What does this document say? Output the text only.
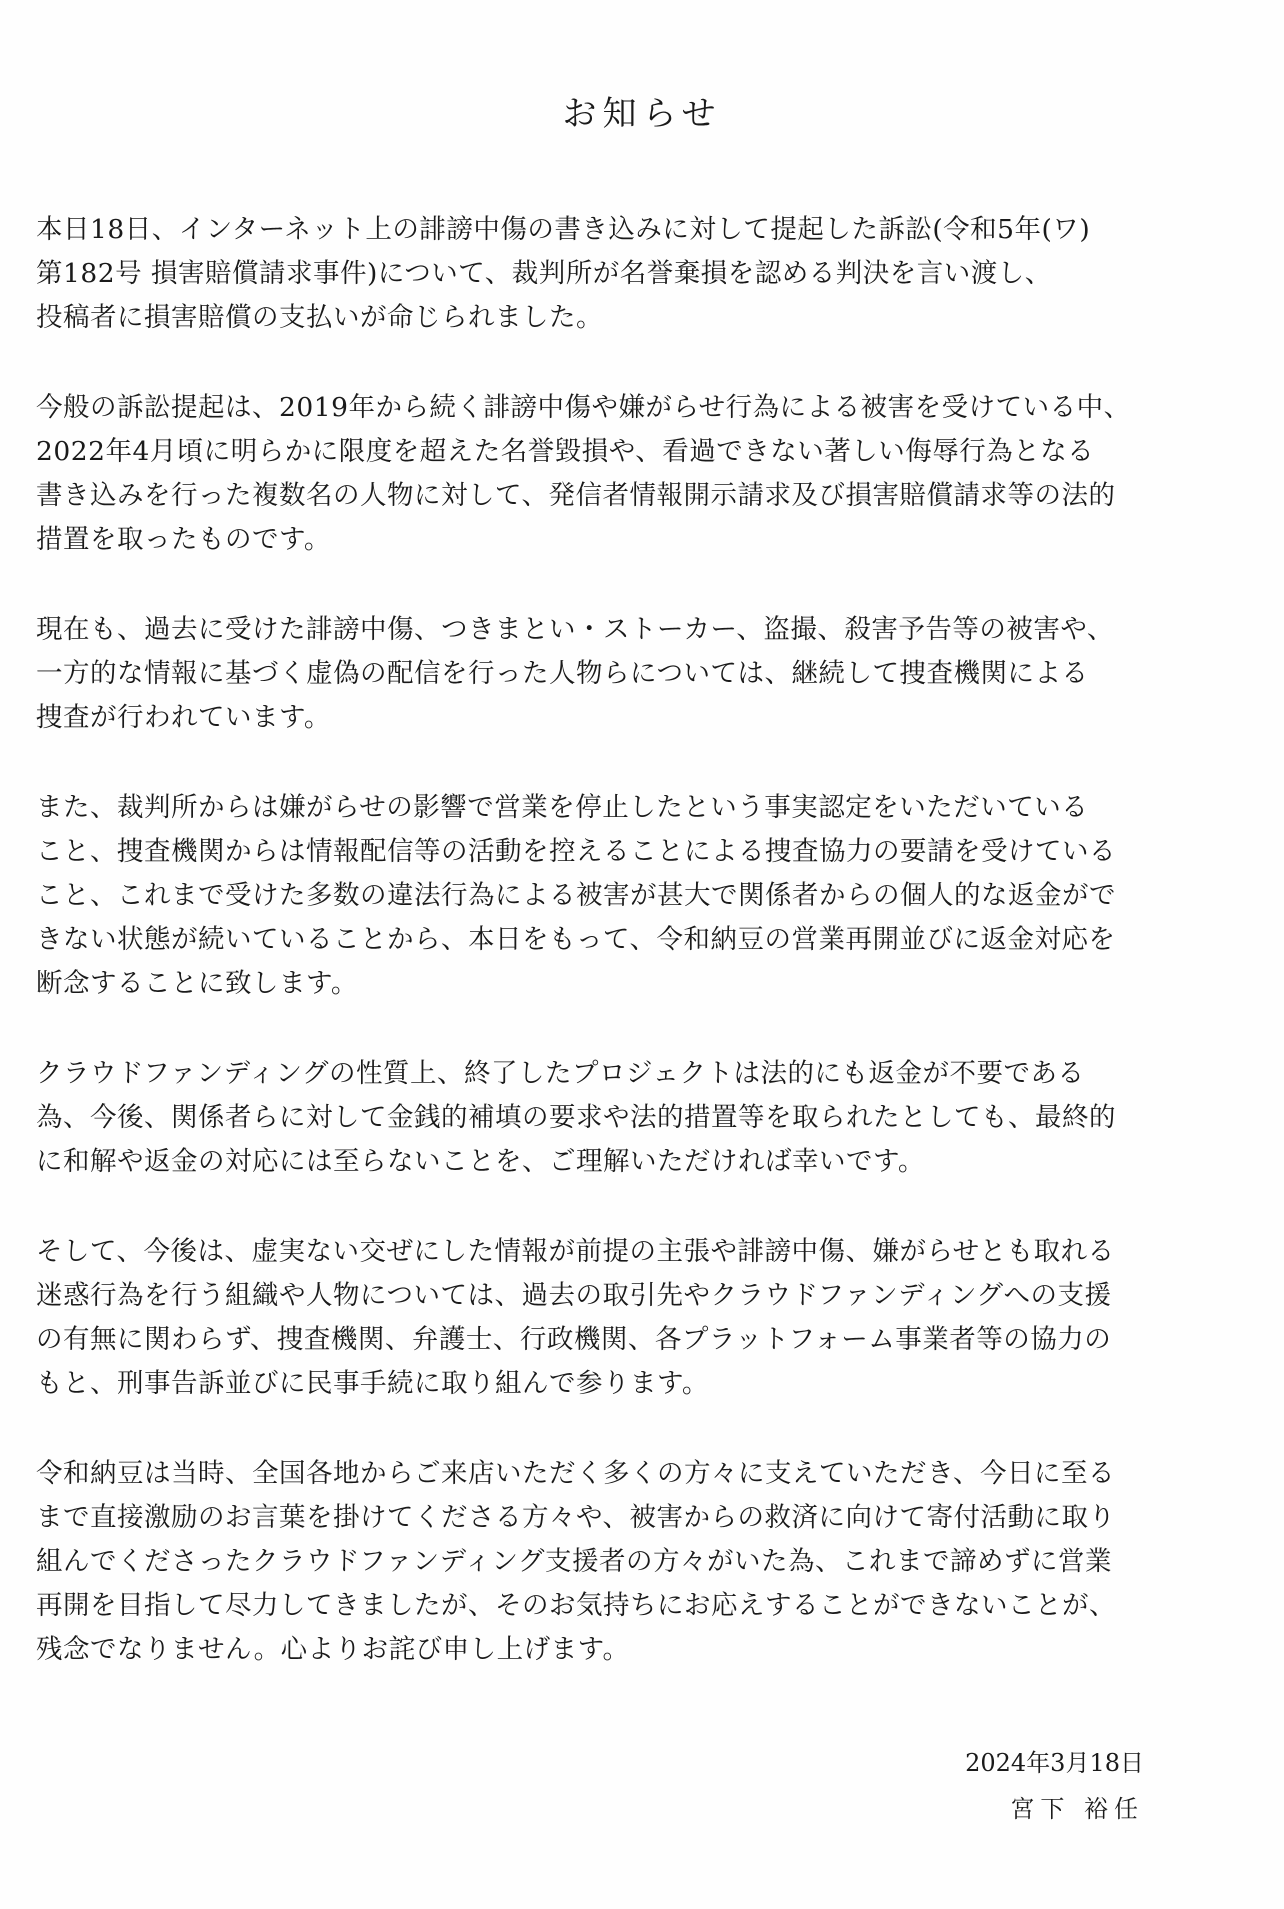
お知らせ

本日18日、インターネット上の誹謗中傷の書き込みに対して提起した訴訟(令和5年(ワ)
第182号 損害賠償請求事件)について、裁判所が名誉棄損を認める判決を言い渡し、
投稿者に損害賠償の支払いが命じられました。

今般の訴訟提起は、2019年から続く誹謗中傷や嫌がらせ行為による被害を受けている中、
2022年4月頃に明らかに限度を超えた名誉毀損や、看過できない著しい侮辱行為となる
書き込みを行った複数名の人物に対して、発信者情報開示請求及び損害賠償請求等の法的
措置を取ったものです。

現在も、過去に受けた誹謗中傷、つきまとい・ストーカー、盗撮、殺害予告等の被害や、
一方的な情報に基づく虚偽の配信を行った人物らについては、継続して捜査機関による
捜査が行われています。

また、裁判所からは嫌がらせの影響で営業を停止したという事実認定をいただいている
こと、捜査機関からは情報配信等の活動を控えることによる捜査協力の要請を受けている
こと、これまで受けた多数の違法行為による被害が甚大で関係者からの個人的な返金がで
きない状態が続いていることから、本日をもって、令和納豆の営業再開並びに返金対応を
断念することに致します。

クラウドファンディングの性質上、終了したプロジェクトは法的にも返金が不要である
為、今後、関係者らに対して金銭的補填の要求や法的措置等を取られたとしても、最終的
に和解や返金の対応には至らないことを、ご理解いただければ幸いです。

そして、今後は、虚実ない交ぜにした情報が前提の主張や誹謗中傷、嫌がらせとも取れる
迷惑行為を行う組織や人物については、過去の取引先やクラウドファンディングへの支援
の有無に関わらず、捜査機関、弁護士、行政機関、各プラットフォーム事業者等の協力の
もと、刑事告訴並びに民事手続に取り組んで参ります。

令和納豆は当時、全国各地からご来店いただく多くの方々に支えていただき、今日に至る
まで直接激励のお言葉を掛けてくださる方々や、被害からの救済に向けて寄付活動に取り
組んでくださったクラウドファンディング支援者の方々がいた為、これまで諦めずに営業
再開を目指して尽力してきましたが、そのお気持ちにお応えすることができないことが、
残念でなりません。心よりお詫び申し上げます。

2024年3月18日
宮下 裕任
